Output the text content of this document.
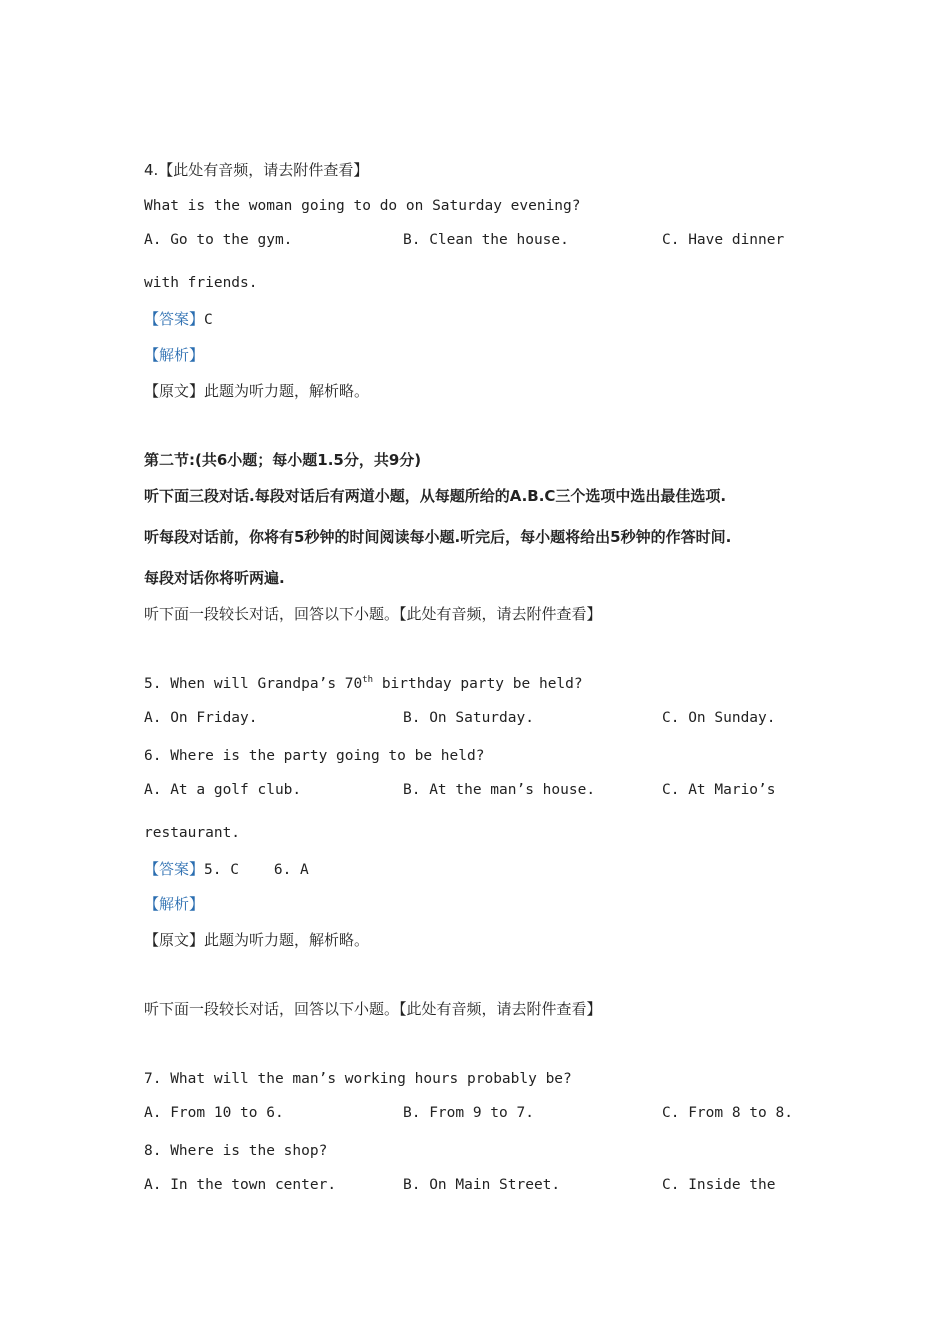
4.【此处有音频，请去附件查看】
What is the woman going to do on Saturday evening?
A. Go to the gym.	B. Clean the house.	C. Have dinner
with friends.
【答案】C
【解析】
【原文】此题为听力题，解析略。
第二节:(共6小题；每小题1.5分，共9分)
听下面三段对话.每段对话后有两道小题，从每题所给的A.B.C三个选项中选出最佳选项.
听每段对话前，你将有5秒钟的时间阅读每小题.听完后，每小题将给出5秒钟的作答时间.
每段对话你将听两遍.
听下面一段较长对话，回答以下小题。【此处有音频，请去附件查看】
5. When will Grandpa’s 70th birthday party be held?
A. On Friday.	B. On Saturday.	C. On Sunday.
6. Where is the party going to be held?
A. At a golf club.	B. At the man’s house.	C. At Mario’s
restaurant.
【答案】5. C    6. A
【解析】
【原文】此题为听力题，解析略。
听下面一段较长对话，回答以下小题。【此处有音频，请去附件查看】
7. What will the man’s working hours probably be?
A. From 10 to 6.	B. From 9 to 7.	C. From 8 to 8.
8. Where is the shop?
A. In the town center.	B. On Main Street.	C. Inside the
